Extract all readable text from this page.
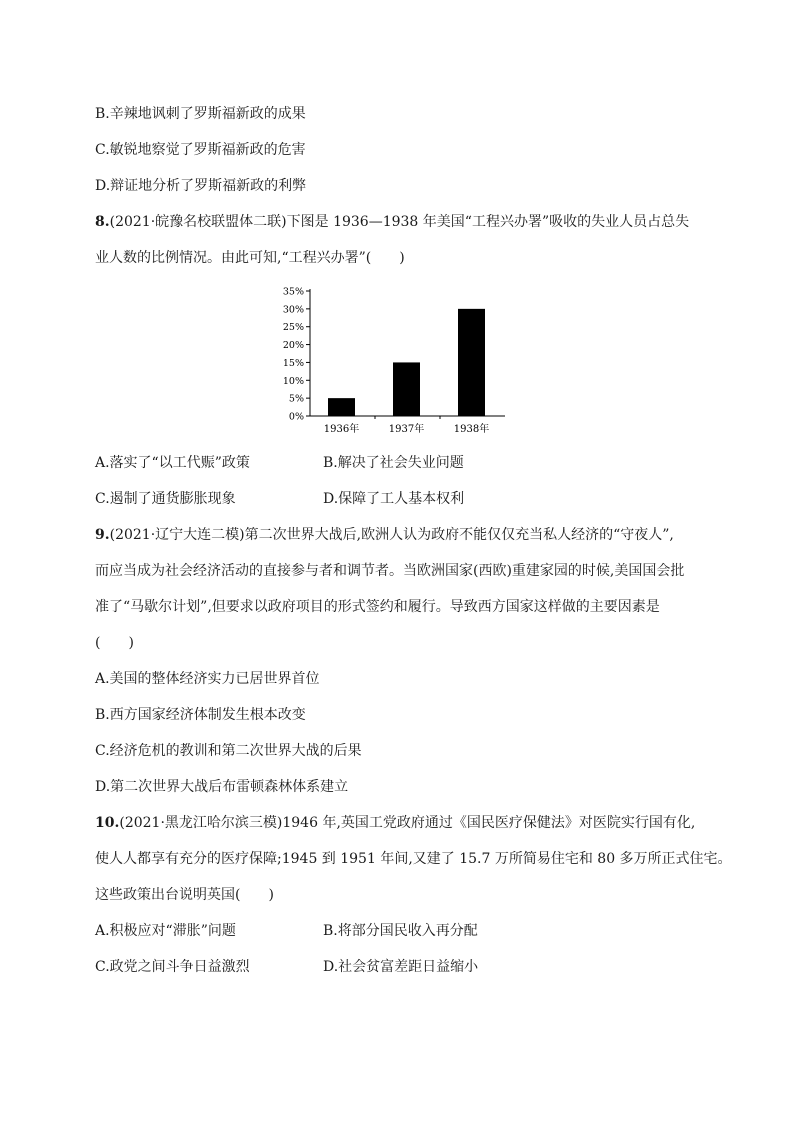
B.辛辣地讽刺了罗斯福新政的成果
C.敏锐地察觉了罗斯福新政的危害
D.辩证地分析了罗斯福新政的利弊
8.(2021·皖豫名校联盟体二联)下图是 1936—1938 年美国“工程兴办署”吸收的失业人员占总失
业人数的比例情况。由此可知,“工程兴办署”(　　)
0%
5%
10%
15%
20%
25%
30%
35%
1936年	1937年	1938年
A.落实了“以工代赈”政策	B.解决了社会失业问题
C.遏制了通货膨胀现象	D.保障了工人基本权利
9.(2021·辽宁大连二模)第二次世界大战后,欧洲人认为政府不能仅仅充当私人经济的“守夜人”,
而应当成为社会经济活动的直接参与者和调节者。当欧洲国家(西欧)重建家园的时候,美国国会批
准了“马歇尔计划”,但要求以政府项目的形式签约和履行。导致西方国家这样做的主要因素是
(　　)
A.美国的整体经济实力已居世界首位
B.西方国家经济体制发生根本改变
C.经济危机的教训和第二次世界大战的后果
D.第二次世界大战后布雷顿森林体系建立
10.(2021·黑龙江哈尔滨三模)1946 年,英国工党政府通过《国民医疗保健法》对医院实行国有化,
使人人都享有充分的医疗保障;1945 到 1951 年间,又建了 15.7 万所简易住宅和 80 多万所正式住宅。
这些政策出台说明英国(　　)
A.积极应对“滞胀”问题	B.将部分国民收入再分配
C.政党之间斗争日益激烈	D.社会贫富差距日益缩小
